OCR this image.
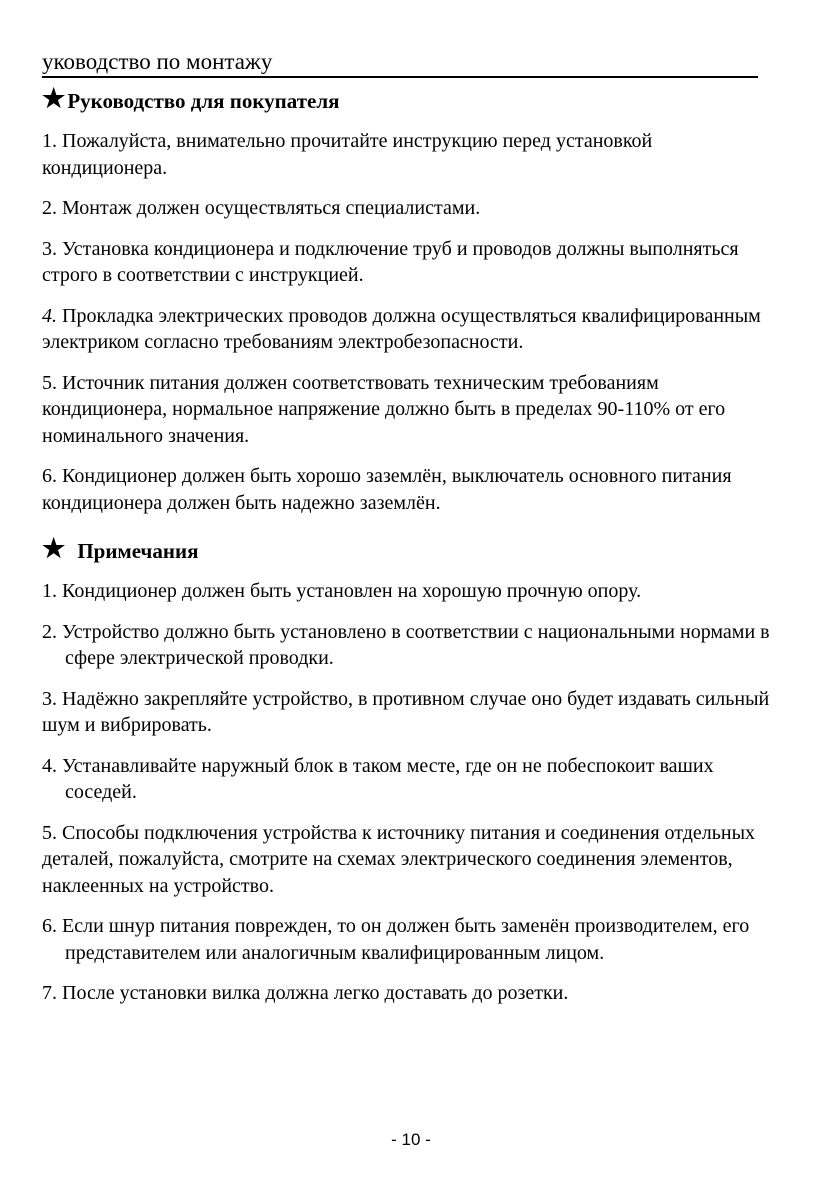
уководство по монтажу
★ Руководство для покупателя

1. Пожалуйста, внимательно прочитайте инструкцию перед установкой кондиционера.

2. Монтаж должен осуществляться специалистами.

3. Установка кондиционера и подключение труб и проводов должны выполняться строго в соответствии с инструкцией.

4. Прокладка электрических проводов должна осуществляться квалифицированным электриком согласно требованиям электробезопасности.

5. Источник питания должен соответствовать техническим требованиям кондиционера, нормальное напряжение должно быть в пределах 90-110% от его номинального значения.

6. Кондиционер должен быть хорошо заземлён, выключатель основного питания кондиционера должен быть надежно заземлён.

★ Примечания

1. Кондиционер должен быть установлен на хорошую прочную опору.

2. Устройство должно быть установлено в соответствии с национальными нормами в сфере электрической проводки.

3. Надёжно закрепляйте устройство, в противном случае оно будет издавать сильный шум и вибрировать.

4. Устанавливайте наружный блок в таком месте, где он не побеспокоит ваших соседей.

5. Способы подключения устройства к источнику питания и соединения отдельных деталей, пожалуйста, смотрите на схемах электрического соединения элементов, наклеенных на устройство.

6. Если шнур питания поврежден, то он должен быть заменён производителем, его представителем или аналогичным квалифицированным лицом.

7. После установки вилка должна легко доставать до розетки.

- 10 -
